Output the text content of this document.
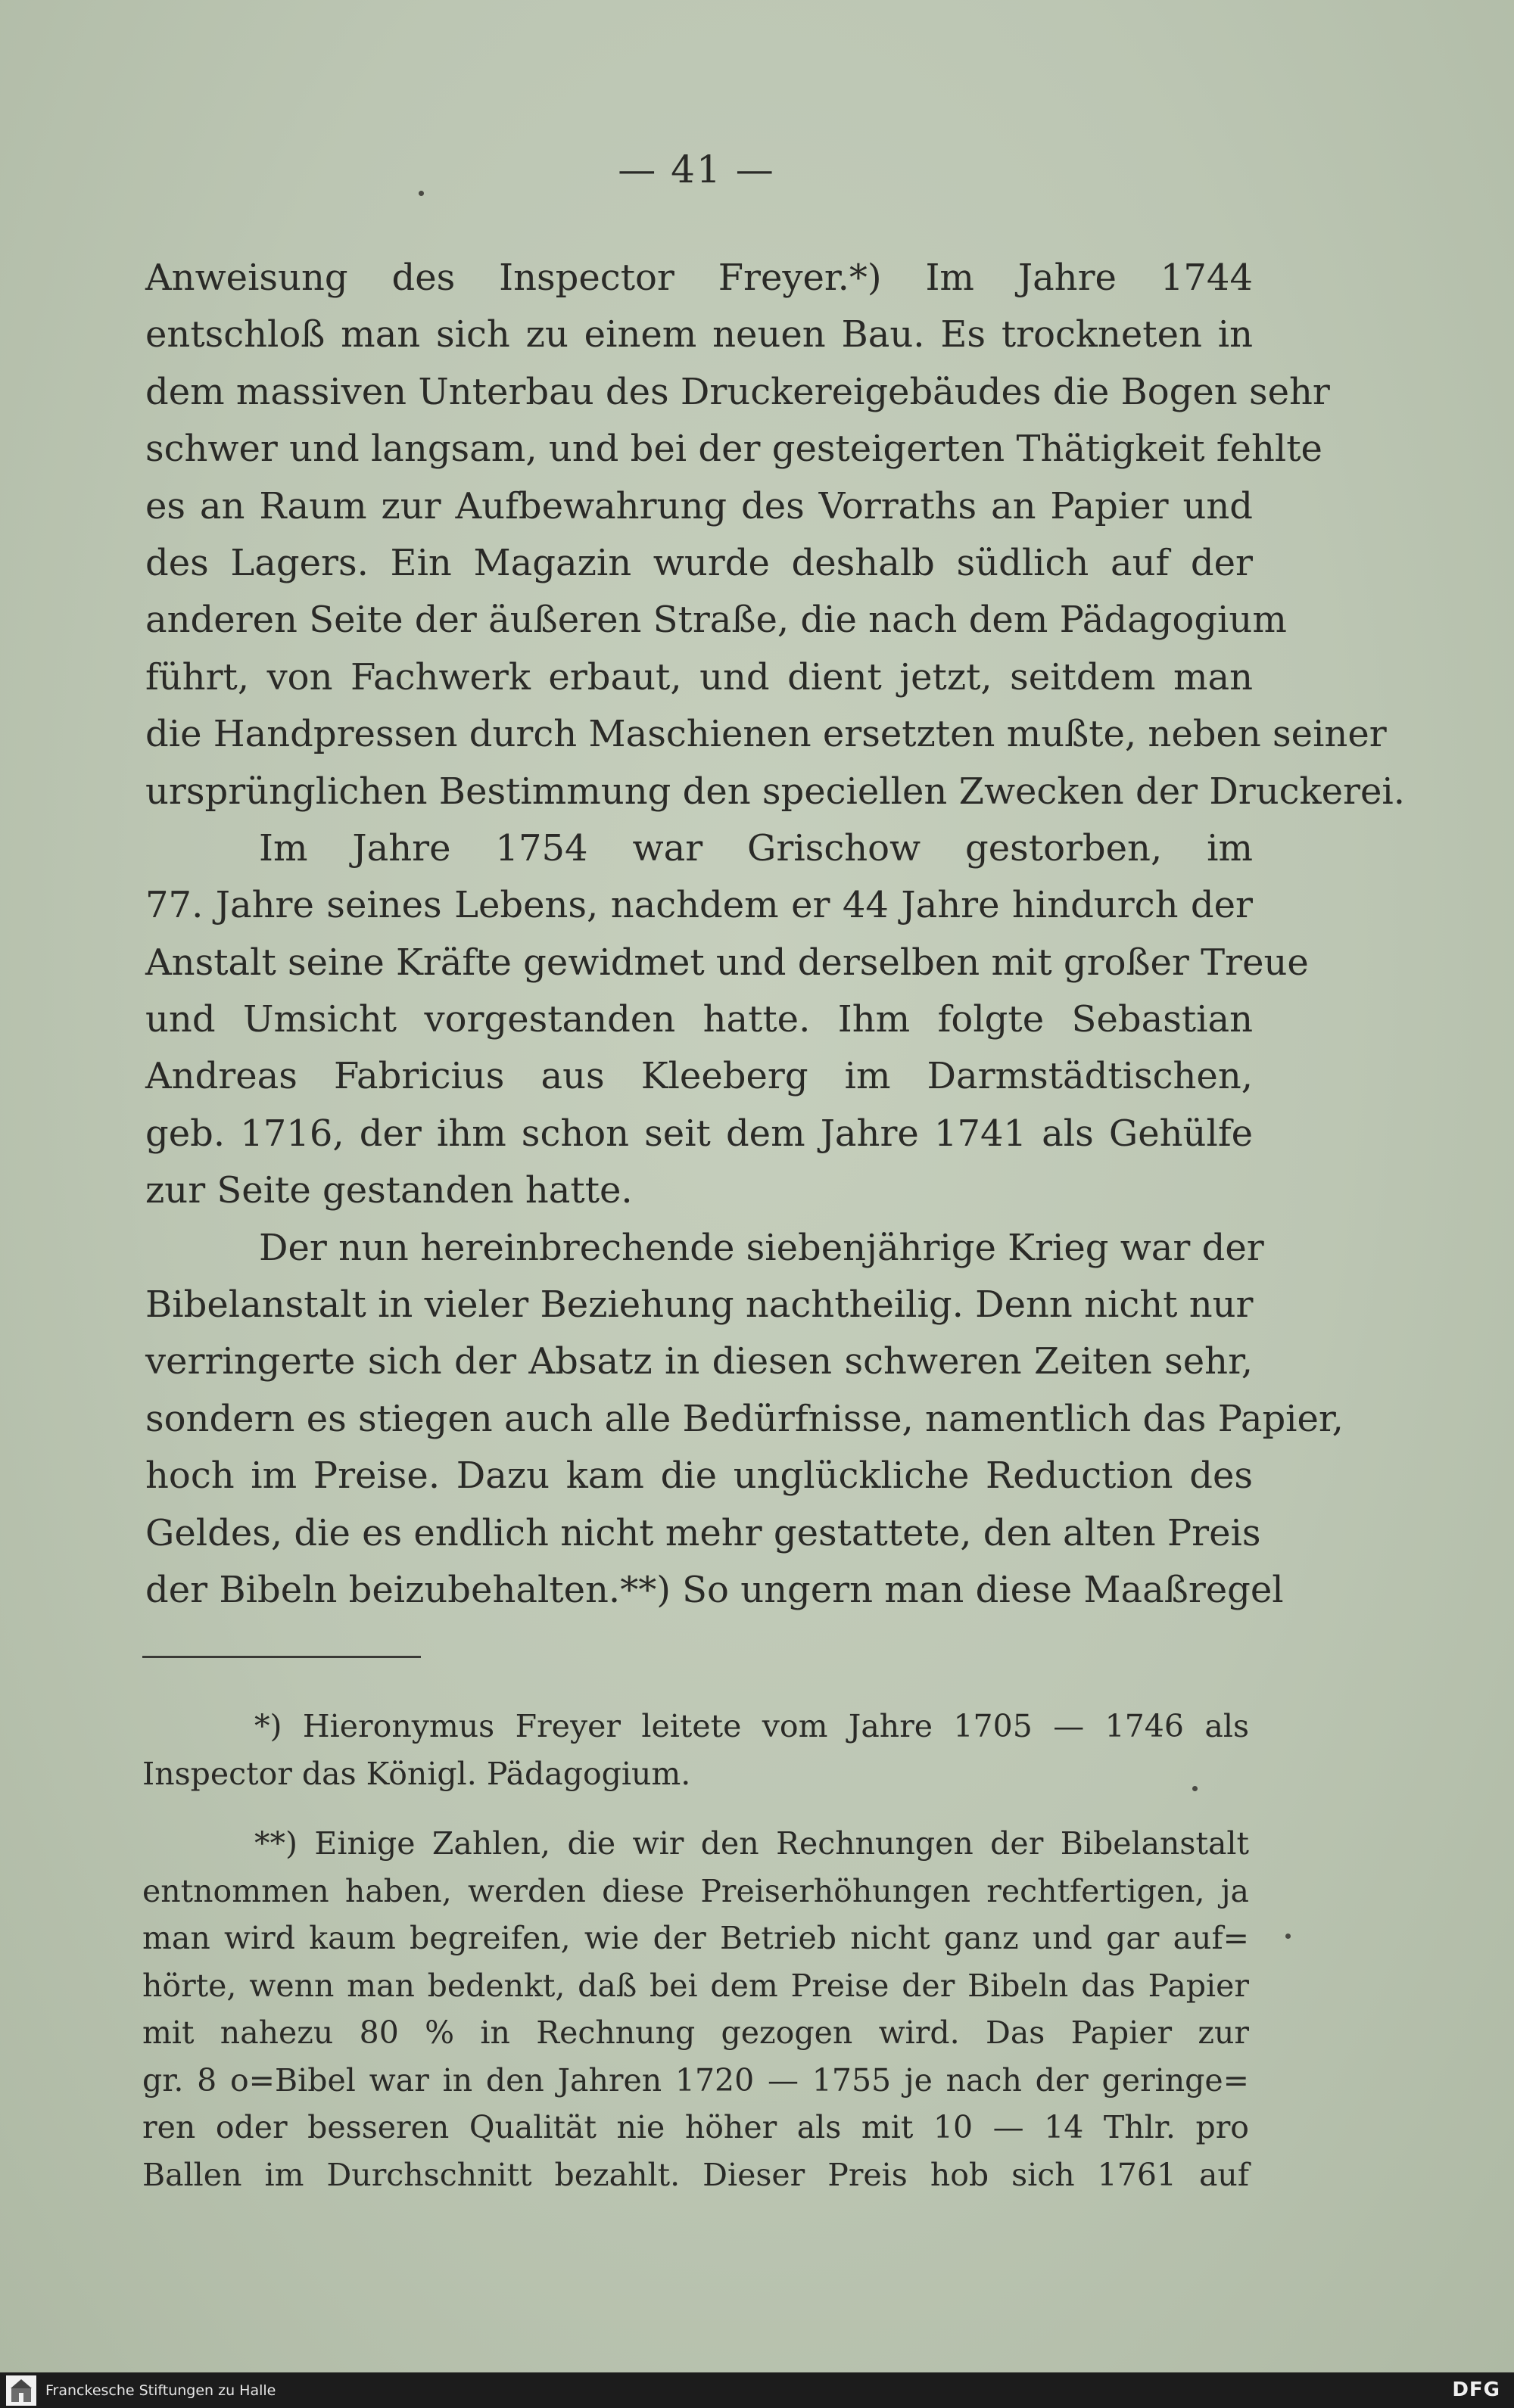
— 41 —
Anweisung des Inspector Freyer.*) Im Jahre 1744
entschloß man sich zu einem neuen Bau. Es trockneten in
dem massiven Unterbau des Druckereigebäudes die Bogen sehr
schwer und langsam, und bei der gesteigerten Thätigkeit fehlte
es an Raum zur Aufbewahrung des Vorraths an Papier und
des Lagers. Ein Magazin wurde deshalb südlich auf der
anderen Seite der äußeren Straße, die nach dem Pädagogium
führt, von Fachwerk erbaut, und dient jetzt, seitdem man
die Handpressen durch Maschienen ersetzten mußte, neben seiner
ursprünglichen Bestimmung den speciellen Zwecken der Druckerei.
Im Jahre 1754 war Grischow gestorben, im
77. Jahre seines Lebens, nachdem er 44 Jahre hindurch der
Anstalt seine Kräfte gewidmet und derselben mit großer Treue
und Umsicht vorgestanden hatte. Ihm folgte Sebastian
Andreas Fabricius aus Kleeberg im Darmstädtischen,
geb. 1716, der ihm schon seit dem Jahre 1741 als Gehülfe
zur Seite gestanden hatte.
Der nun hereinbrechende siebenjährige Krieg war der
Bibelanstalt in vieler Beziehung nachtheilig. Denn nicht nur
verringerte sich der Absatz in diesen schweren Zeiten sehr,
sondern es stiegen auch alle Bedürfnisse, namentlich das Papier,
hoch im Preise. Dazu kam die unglückliche Reduction des
Geldes, die es endlich nicht mehr gestattete, den alten Preis
der Bibeln beizubehalten.**) So ungern man diese Maaßregel
*) Hieronymus Freyer leitete vom Jahre 1705 — 1746 als
Inspector das Königl. Pädagogium.
**) Einige Zahlen, die wir den Rechnungen der Bibelanstalt
entnommen haben, werden diese Preiserhöhungen rechtfertigen, ja
man wird kaum begreifen, wie der Betrieb nicht ganz und gar auf=
hörte, wenn man bedenkt, daß bei dem Preise der Bibeln das Papier
mit nahezu 80 % in Rechnung gezogen wird. Das Papier zur
gr. 8 o=Bibel war in den Jahren 1720 — 1755 je nach der geringe=
ren oder besseren Qualität nie höher als mit 10 — 14 Thlr. pro
Ballen im Durchschnitt bezahlt. Dieser Preis hob sich 1761 auf
Franckesche Stiftungen zu Halle	DFG
